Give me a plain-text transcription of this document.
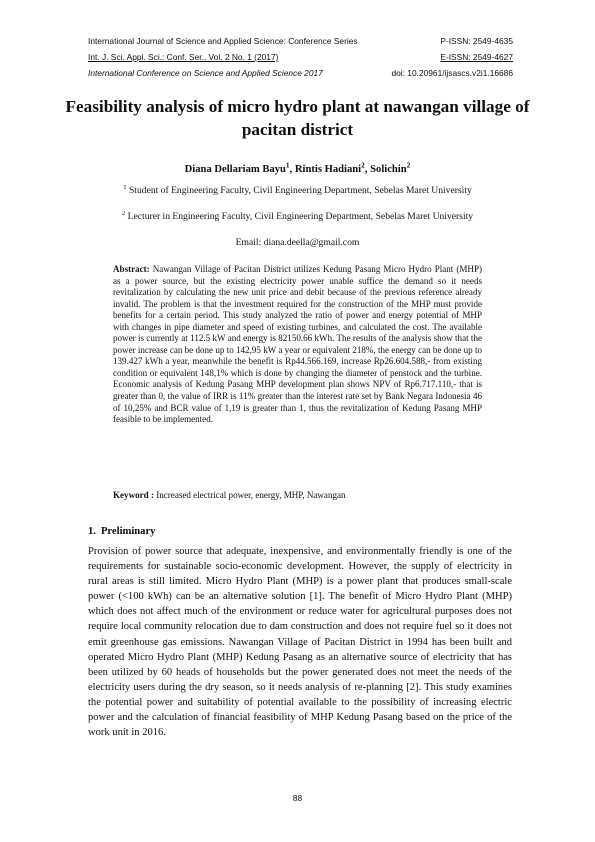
International Journal of Science and Applied Science: Conference Series	P-ISSN: 2549-4635
Int. J. Sci. Appl. Sci.: Conf. Ser., Vol. 2 No. 1 (2017)	E-ISSN: 2549-4627
International Conference on Science and Applied Science 2017	doi: 10.20961/ijsascs.v2i1.16686
Feasibility analysis of micro hydro plant at nawangan village of pacitan district
Diana Dellariam Bayu$^1$, Rintis Hadiani$^2$, Solichin$^2$
$^1$ Student of Engineering Faculty, Civil Engineering Department, Sebelas Maret University
$^2$ Lecturer in Engineering Faculty, Civil Engineering Department, Sebelas Maret University
Email: diana.deella@gmail.com
Abstract: Nawangan Village of Pacitan District utilizes Kedung Pasang Micro Hydro Plant (MHP) as a power source, but the existing electricity power unable suffice the demand so it needs revitalization by calculating the new unit price and debit because of the previous reference already invalid. The problem is that the investment required for the construction of the MHP must provide benefits for a certain period. This study analyzed the ratio of power and energy potential of MHP with changes in pipe diameter and speed of existing turbines, and calculated the cost. The available power is currently at 112.5 kW and energy is 82150.66 kWh. The results of the analysis show that the power increase can be done up to 142,95 kW a year or equivalent 218%, the energy can be done up to 139.427 kWh a year, meanwhile the benefit is Rp44.566.169, increase Rp26.604.588,- from existing condition or equivalent 148,1% which is done by changing the diameter of penstock and the turbine. Economic analysis of Kedung Pasang MHP development plan shows NPV of Rp6.717.110,- that is greater than 0, the value of IRR is 11% greater than the interest rate set by Bank Negara Indonesia 46 of 10,25% and BCR value of 1,19 is greater than 1, thus the revitalization of Kedung Pasang MHP feasible to be implemented.
Keyword : Increased electrical power, energy, MHP, Nawangan
1. Preliminary
Provision of power source that adequate, inexpensive, and environmentally friendly is one of the requirements for sustainable socio-economic development. However, the supply of electricity in rural areas is still limited. Micro Hydro Plant (MHP) is a power plant that produces small-scale power (<100 kWh) can be an alternative solution [1]. The benefit of Micro Hydro Plant (MHP) which does not affect much of the environment or reduce water for agricultural purposes does not require local community relocation due to dam construction and does not require fuel so it does not emit greenhouse gas emissions. Nawangan Village of Pacitan District in 1994 has been built and operated Micro Hydro Plant (MHP) Kedung Pasang as an alternative source of electricity that has been utilized by 60 heads of households but the power generated does not meet the needs of the electricity users during the dry season, so it needs analysis of re-planning [2]. This study examines the potential power and suitability of potential available to the possibility of increasing electric power and the calculation of financial feasibility of MHP Kedung Pasang based on the price of the work unit in 2016.
88
